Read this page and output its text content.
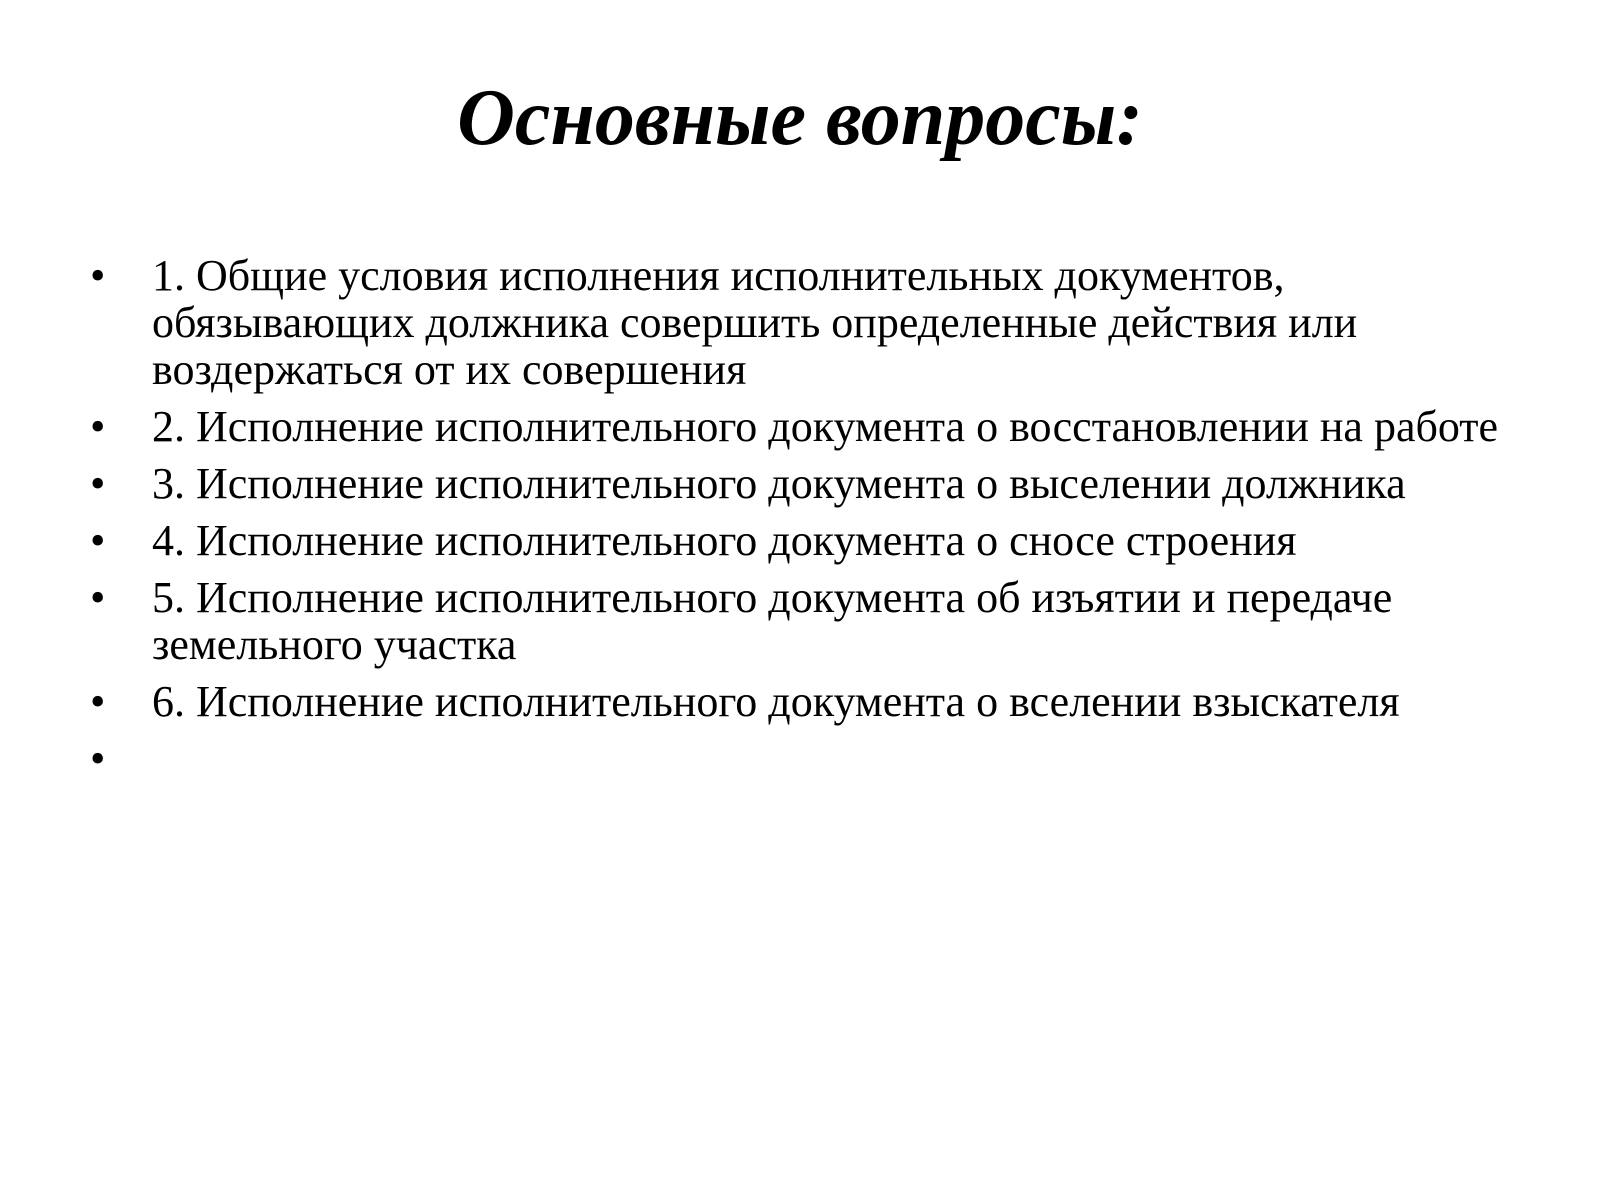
Основные вопросы:
• 1. Общие условия исполнения исполнительных документов, обязывающих должника совершить определенные действия или воздержаться от их совершения
• 2. Исполнение исполнительного документа о восстановлении на работе
• 3. Исполнение исполнительного документа о выселении должника
• 4. Исполнение исполнительного документа о сносе строения
• 5. Исполнение исполнительного документа об изъятии и передаче земельного участка
• 6. Исполнение исполнительного документа о вселении взыскателя
•
